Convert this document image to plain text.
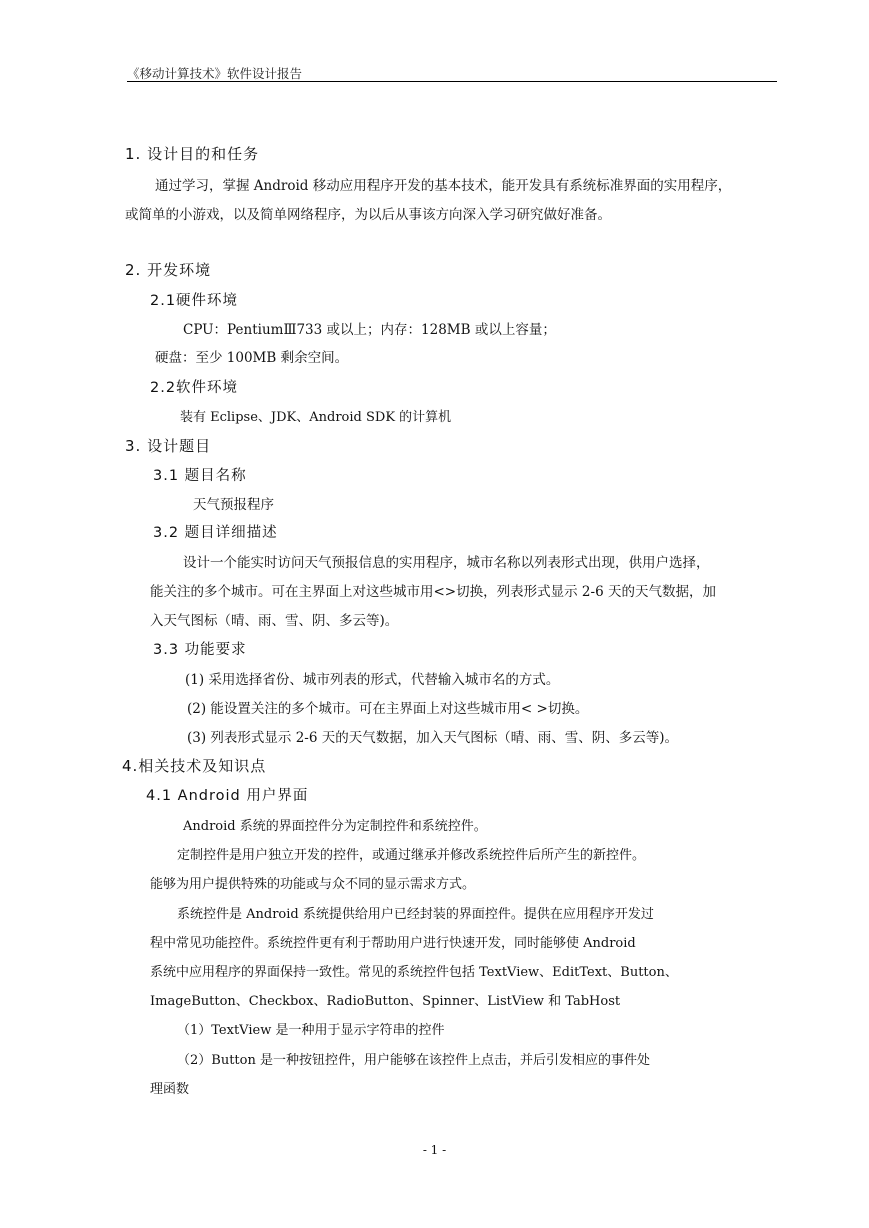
《移动计算技术》软件设计报告
1. 设计目的和任务
通过学习，掌握 Android 移动应用程序开发的基本技术，能开发具有系统标准界面的实用程序，
或简单的小游戏，以及简单网络程序，为以后从事该方向深入学习研究做好准备。
2. 开发环境
2.1硬件环境
CPU：PentiumⅢ733 或以上；内存：128MB 或以上容量；
硬盘：至少 100MB 剩余空间。
2.2软件环境
装有 Eclipse、JDK、Android SDK 的计算机
3. 设计题目
3.1 题目名称
天气预报程序
3.2 题目详细描述
设计一个能实时访问天气预报信息的实用程序，城市名称以列表形式出现，供用户选择，
能关注的多个城市。可在主界面上对这些城市用<>切换，列表形式显示 2-6 天的天气数据，加
入天气图标（晴、雨、雪、阴、多云等)。
3.3 功能要求
(1) 采用选择省份、城市列表的形式，代替输入城市名的方式。
(2) 能设置关注的多个城市。可在主界面上对这些城市用< >切换。
(3) 列表形式显示 2-6 天的天气数据，加入天气图标（晴、雨、雪、阴、多云等)。
4.相关技术及知识点
4.1 Android 用户界面
Android 系统的界面控件分为定制控件和系统控件。
定制控件是用户独立开发的控件，或通过继承并修改系统控件后所产生的新控件。
能够为用户提供特殊的功能或与众不同的显示需求方式。
系统控件是 Android 系统提供给用户已经封装的界面控件。提供在应用程序开发过
程中常见功能控件。系统控件更有利于帮助用户进行快速开发，同时能够使 Android
系统中应用程序的界面保持一致性。常见的系统控件包括 TextView、EditText、Button、
ImageButton、Checkbox、RadioButton、Spinner、ListView 和 TabHost
（1）TextView 是一种用于显示字符串的控件
（2）Button 是一种按钮控件，用户能够在该控件上点击，并后引发相应的事件处
理函数
- 1 -
